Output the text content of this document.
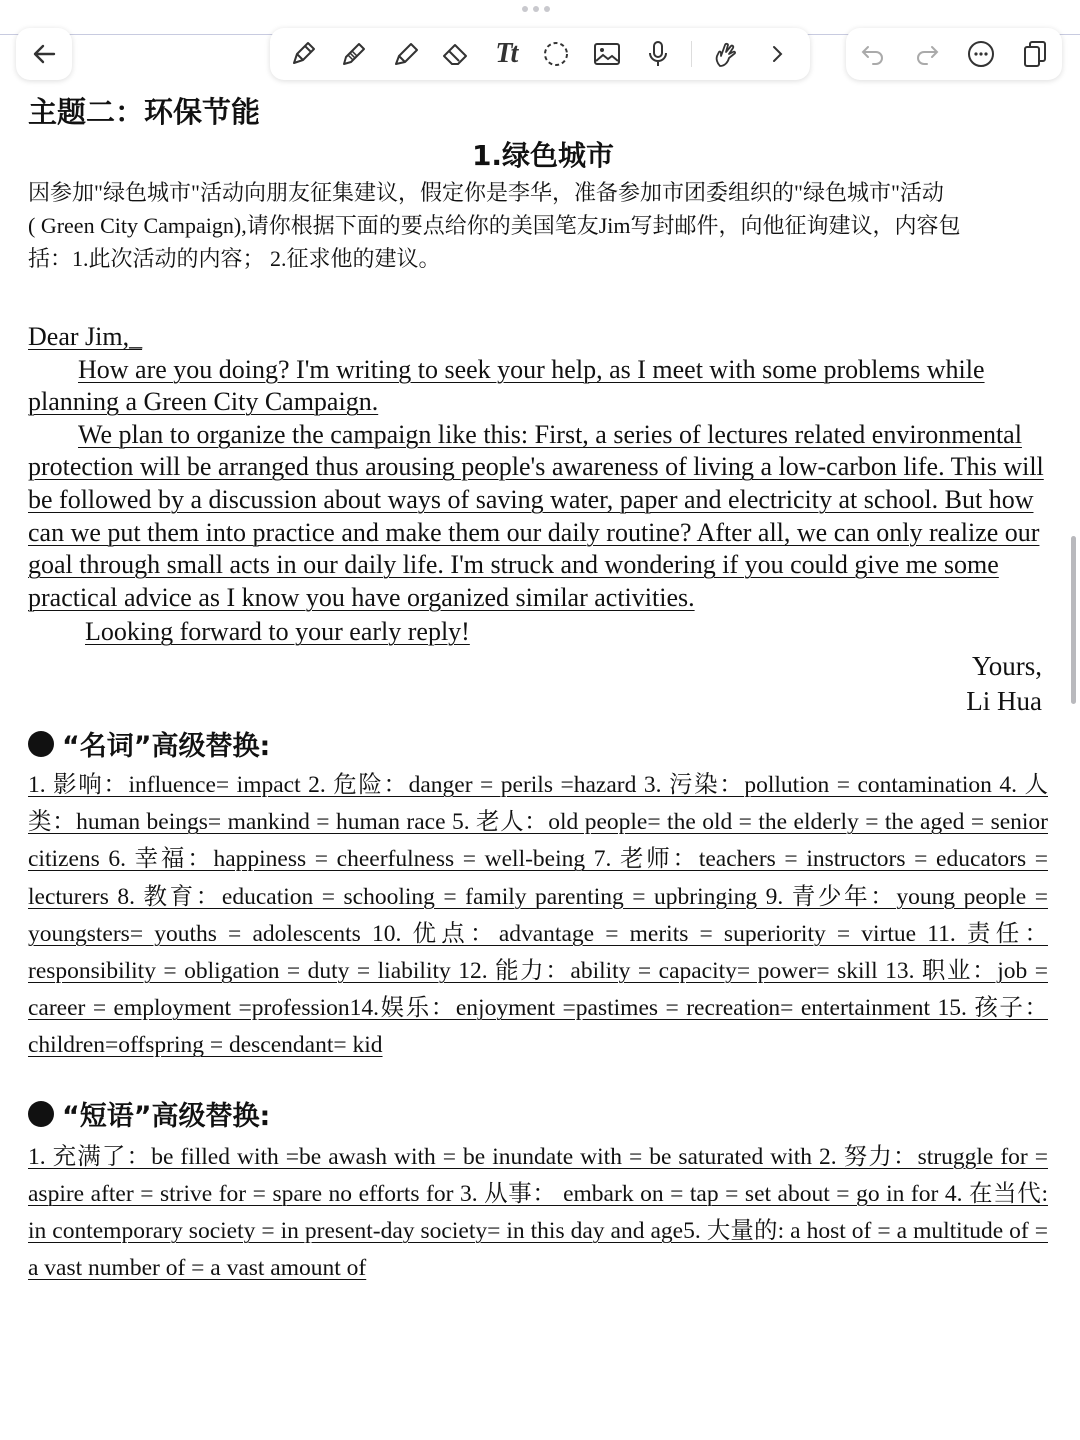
Tt
主题二：环保节能
1.绿色城市
因参加"绿色城市"活动向朋友征集建议，假定你是李华，准备参加市团委组织的"绿色城市"活动
( Green City Campaign),请你根据下面的要点给你的美国笔友Jim写封邮件，向他征询建议，内容包
括：1.此次活动的内容； 2.征求他的建议。

Dear Jim,_

How are you doing? I'm writing to seek your help, as I meet with some problems while planning a Green City Campaign.

We plan to organize the campaign like this: First, a series of lectures related environmental protection will be arranged thus arousing people's awareness of living a low-carbon life. This will be followed by a discussion about ways of saving water, paper and electricity at school. But how can we put them into practice and make them our daily routine? After all, we can only realize our goal through small acts in our daily life. I'm struck and wondering if you could give me some practical advice as I know you have organized similar activities.

Looking forward to your early reply!

Yours,
Li Hua
“名词”高级替换:

1. 影响：influence= impact 2. 危险：danger = perils =hazard 3. 污染：pollution = contamination 4. 人类：human beings= mankind = human race 5. 老人：old people= the old = the elderly = the aged = senior citizens 6. 幸福：happiness = cheerfulness = well-being 7. 老师：teachers = instructors = educators = lecturers 8. 教育：education = schooling = family parenting = upbringing 9. 青少年：young people = youngsters= youths = adolescents 10. 优点：advantage = merits = superiority = virtue 11. 责任：responsibility = obligation = duty = liability 12. 能力：ability = capacity= power= skill 13. 职业：job = career = employment =profession14.娱乐：enjoyment =pastimes = recreation= entertainment 15. 孩子：children=offspring = descendant= kid

“短语”高级替换:

1. 充满了：be filled with =be awash with = be inundate with = be saturated with 2. 努力：struggle for = aspire after = strive for = spare no efforts for 3. 从事： embark on = tap = set about = go in for 4. 在当代: in contemporary society = in present-day society= in this day and age5. 大量的: a host of = a multitude of = a vast number of = a vast amount of
